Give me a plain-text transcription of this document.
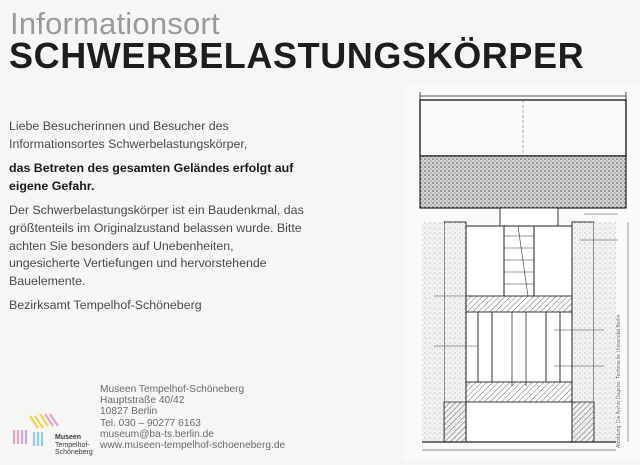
Informationsort
SCHWERBELASTUNGSKÖRPER

Liebe Besucherinnen und Besucher des
Informationsortes Schwerbelastungskörper,

das Betreten des gesamten Geländes erfolgt auf eigene Gefahr.

Der Schwerbelastungskörper ist ein Baudenkmal, das größtenteils im Originalzustand belassen wurde. Bitte achten Sie besonders auf Unebenheiten, ungesicherte Vertiefungen und hervorstehende Bauelemente.

Bezirksamt Tempelhof-Schöneberg

Museen
Tempelhof-
Schöneberg
Museen Tempelhof-Schöneberg
Hauptstraße 40/42
10827 Berlin
Tel. 030 – 90277 6163
museum@ba-ts.berlin.de
www.museen-tempelhof-schoeneberg.de	Abbildung: Die Archiv Degebo, Technische Universität Berlin
